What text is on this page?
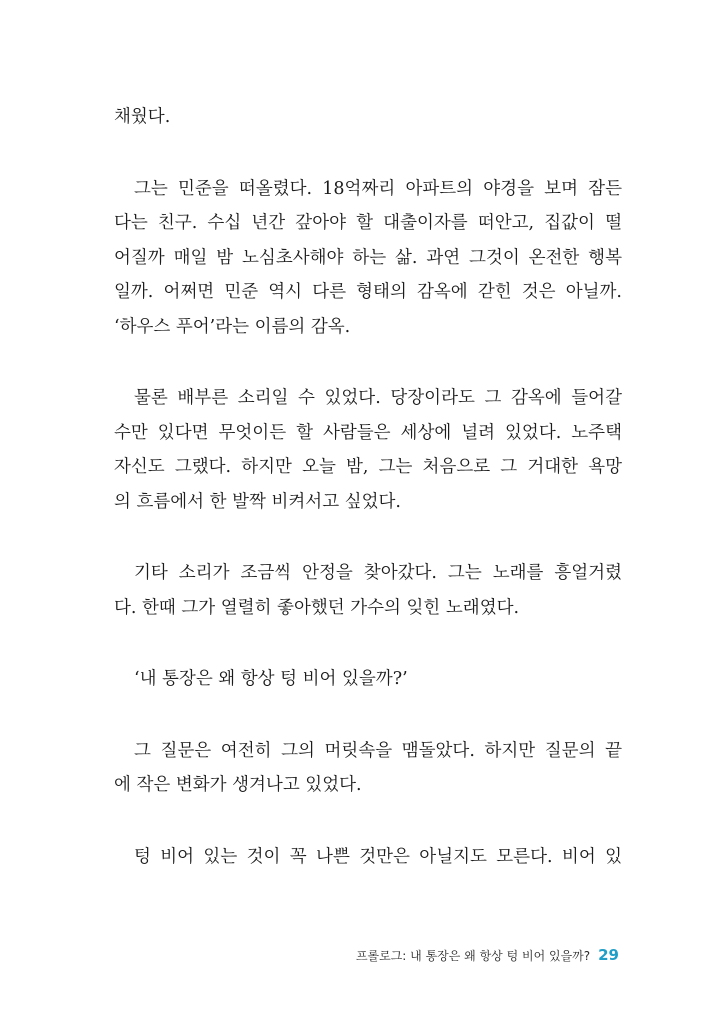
채웠다.
그는 민준을 떠올렸다. 18억짜리 아파트의 야경을 보며 잠든
다는 친구. 수십 년간 갚아야 할 대출이자를 떠안고, 집값이 떨
어질까 매일 밤 노심초사해야 하는 삶. 과연 그것이 온전한 행복
일까. 어쩌면 민준 역시 다른 형태의 감옥에 갇힌 것은 아닐까.
‘하우스 푸어’라는 이름의 감옥.
물론 배부른 소리일 수 있었다. 당장이라도 그 감옥에 들어갈
수만 있다면 무엇이든 할 사람들은 세상에 널려 있었다. 노주택
자신도 그랬다. 하지만 오늘 밤, 그는 처음으로 그 거대한 욕망
의 흐름에서 한 발짝 비켜서고 싶었다.
기타 소리가 조금씩 안정을 찾아갔다. 그는 노래를 흥얼거렸
다. 한때 그가 열렬히 좋아했던 가수의 잊힌 노래였다.
‘내 통장은 왜 항상 텅 비어 있을까?’
그 질문은 여전히 그의 머릿속을 맴돌았다. 하지만 질문의 끝
에 작은 변화가 생겨나고 있었다.
텅 비어 있는 것이 꼭 나쁜 것만은 아닐지도 모른다. 비어 있
프롤로그: 내 통장은 왜 항상 텅 비어 있을까? 29
